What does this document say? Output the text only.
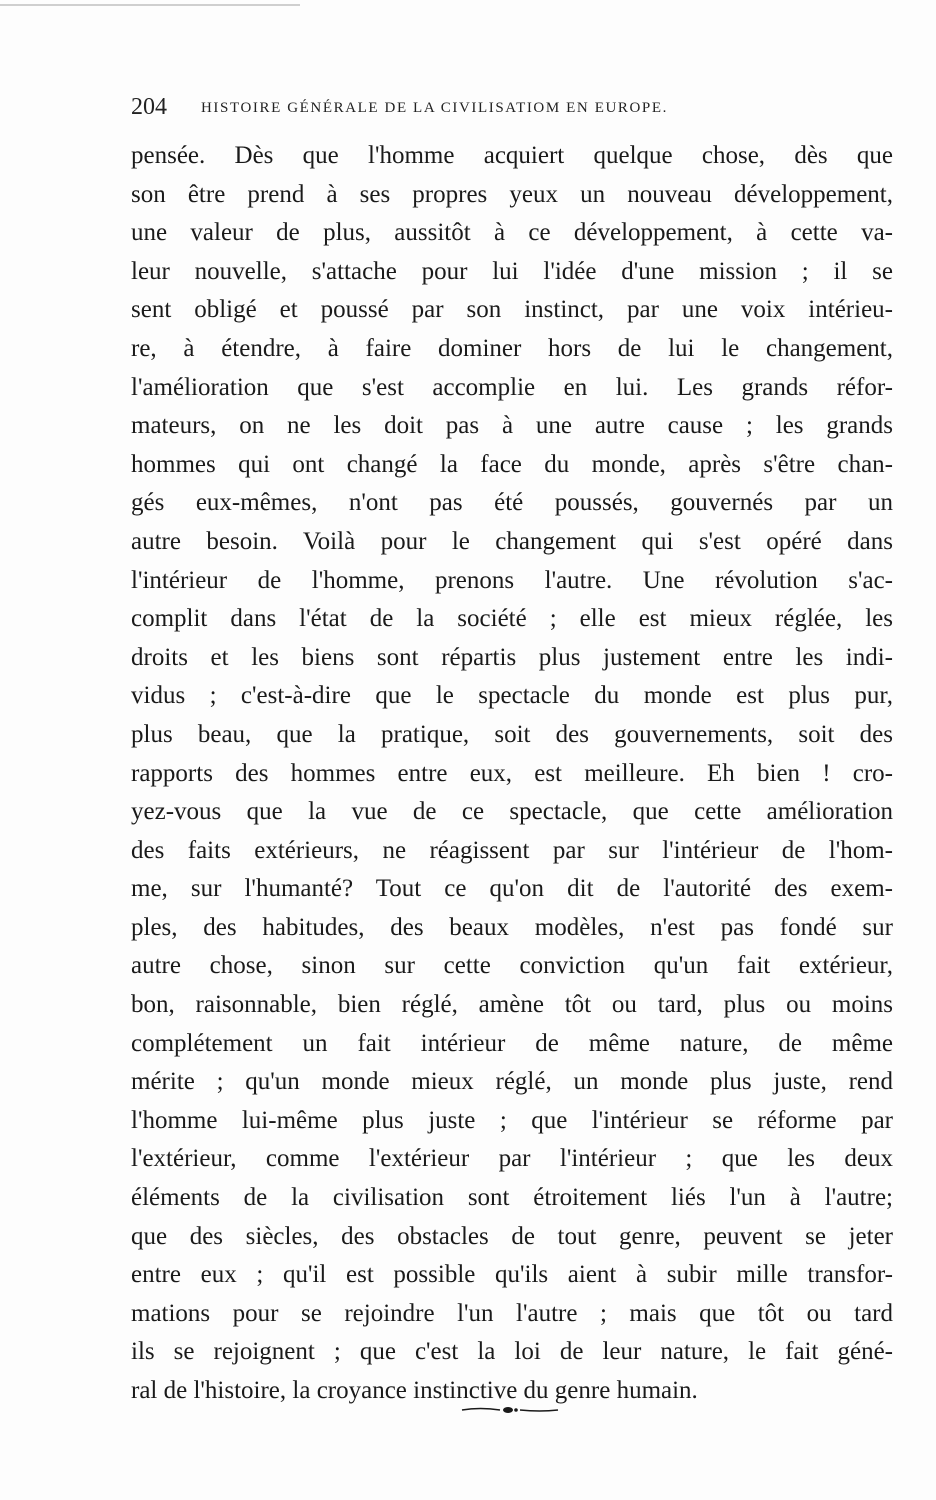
204 HISTOIRE GÉNÉRALE DE LA CIVILISATIOM EN EUROPE.
pensée. Dès que l'homme acquiert quelque chose, dès que
son être prend à ses propres yeux un nouveau développement,
une valeur de plus, aussitôt à ce développement, à cette va-
leur nouvelle, s'attache pour lui l'idée d'une mission ; il se
sent obligé et poussé par son instinct, par une voix intérieu-
re, à étendre, à faire dominer hors de lui le changement,
l'amélioration que s'est accomplie en lui. Les grands réfor-
mateurs, on ne les doit pas à une autre cause ; les grands
hommes qui ont changé la face du monde, après s'être chan-
gés eux-mêmes, n'ont pas été poussés, gouvernés par un
autre besoin. Voilà pour le changement qui s'est opéré dans
l'intérieur de l'homme, prenons l'autre. Une révolution s'ac-
complit dans l'état de la société ; elle est mieux réglée, les
droits et les biens sont répartis plus justement entre les indi-
vidus ; c'est-à-dire que le spectacle du monde est plus pur,
plus beau, que la pratique, soit des gouvernements, soit des
rapports des hommes entre eux, est meilleure. Eh bien ! cro-
yez-vous que la vue de ce spectacle, que cette amélioration
des faits extérieurs, ne réagissent par sur l'intérieur de l'hom-
me, sur l'humanté? Tout ce qu'on dit de l'autorité des exem-
ples, des habitudes, des beaux modèles, n'est pas fondé sur
autre chose, sinon sur cette conviction qu'un fait extérieur,
bon, raisonnable, bien réglé, amène tôt ou tard, plus ou moins
complétement un fait intérieur de même nature, de même
mérite ; qu'un monde mieux réglé, un monde plus juste, rend
l'homme lui-même plus juste ; que l'intérieur se réforme par
l'extérieur, comme l'extérieur par l'intérieur ; que les deux
éléments de la civilisation sont étroitement liés l'un à l'autre;
que des siècles, des obstacles de tout genre, peuvent se jeter
entre eux ; qu'il est possible qu'ils aient à subir mille transfor-
mations pour se rejoindre l'un l'autre ; mais que tôt ou tard
ils se rejoignent ; que c'est la loi de leur nature, le fait géné-
ral de l'histoire, la croyance instinctive du genre humain.
